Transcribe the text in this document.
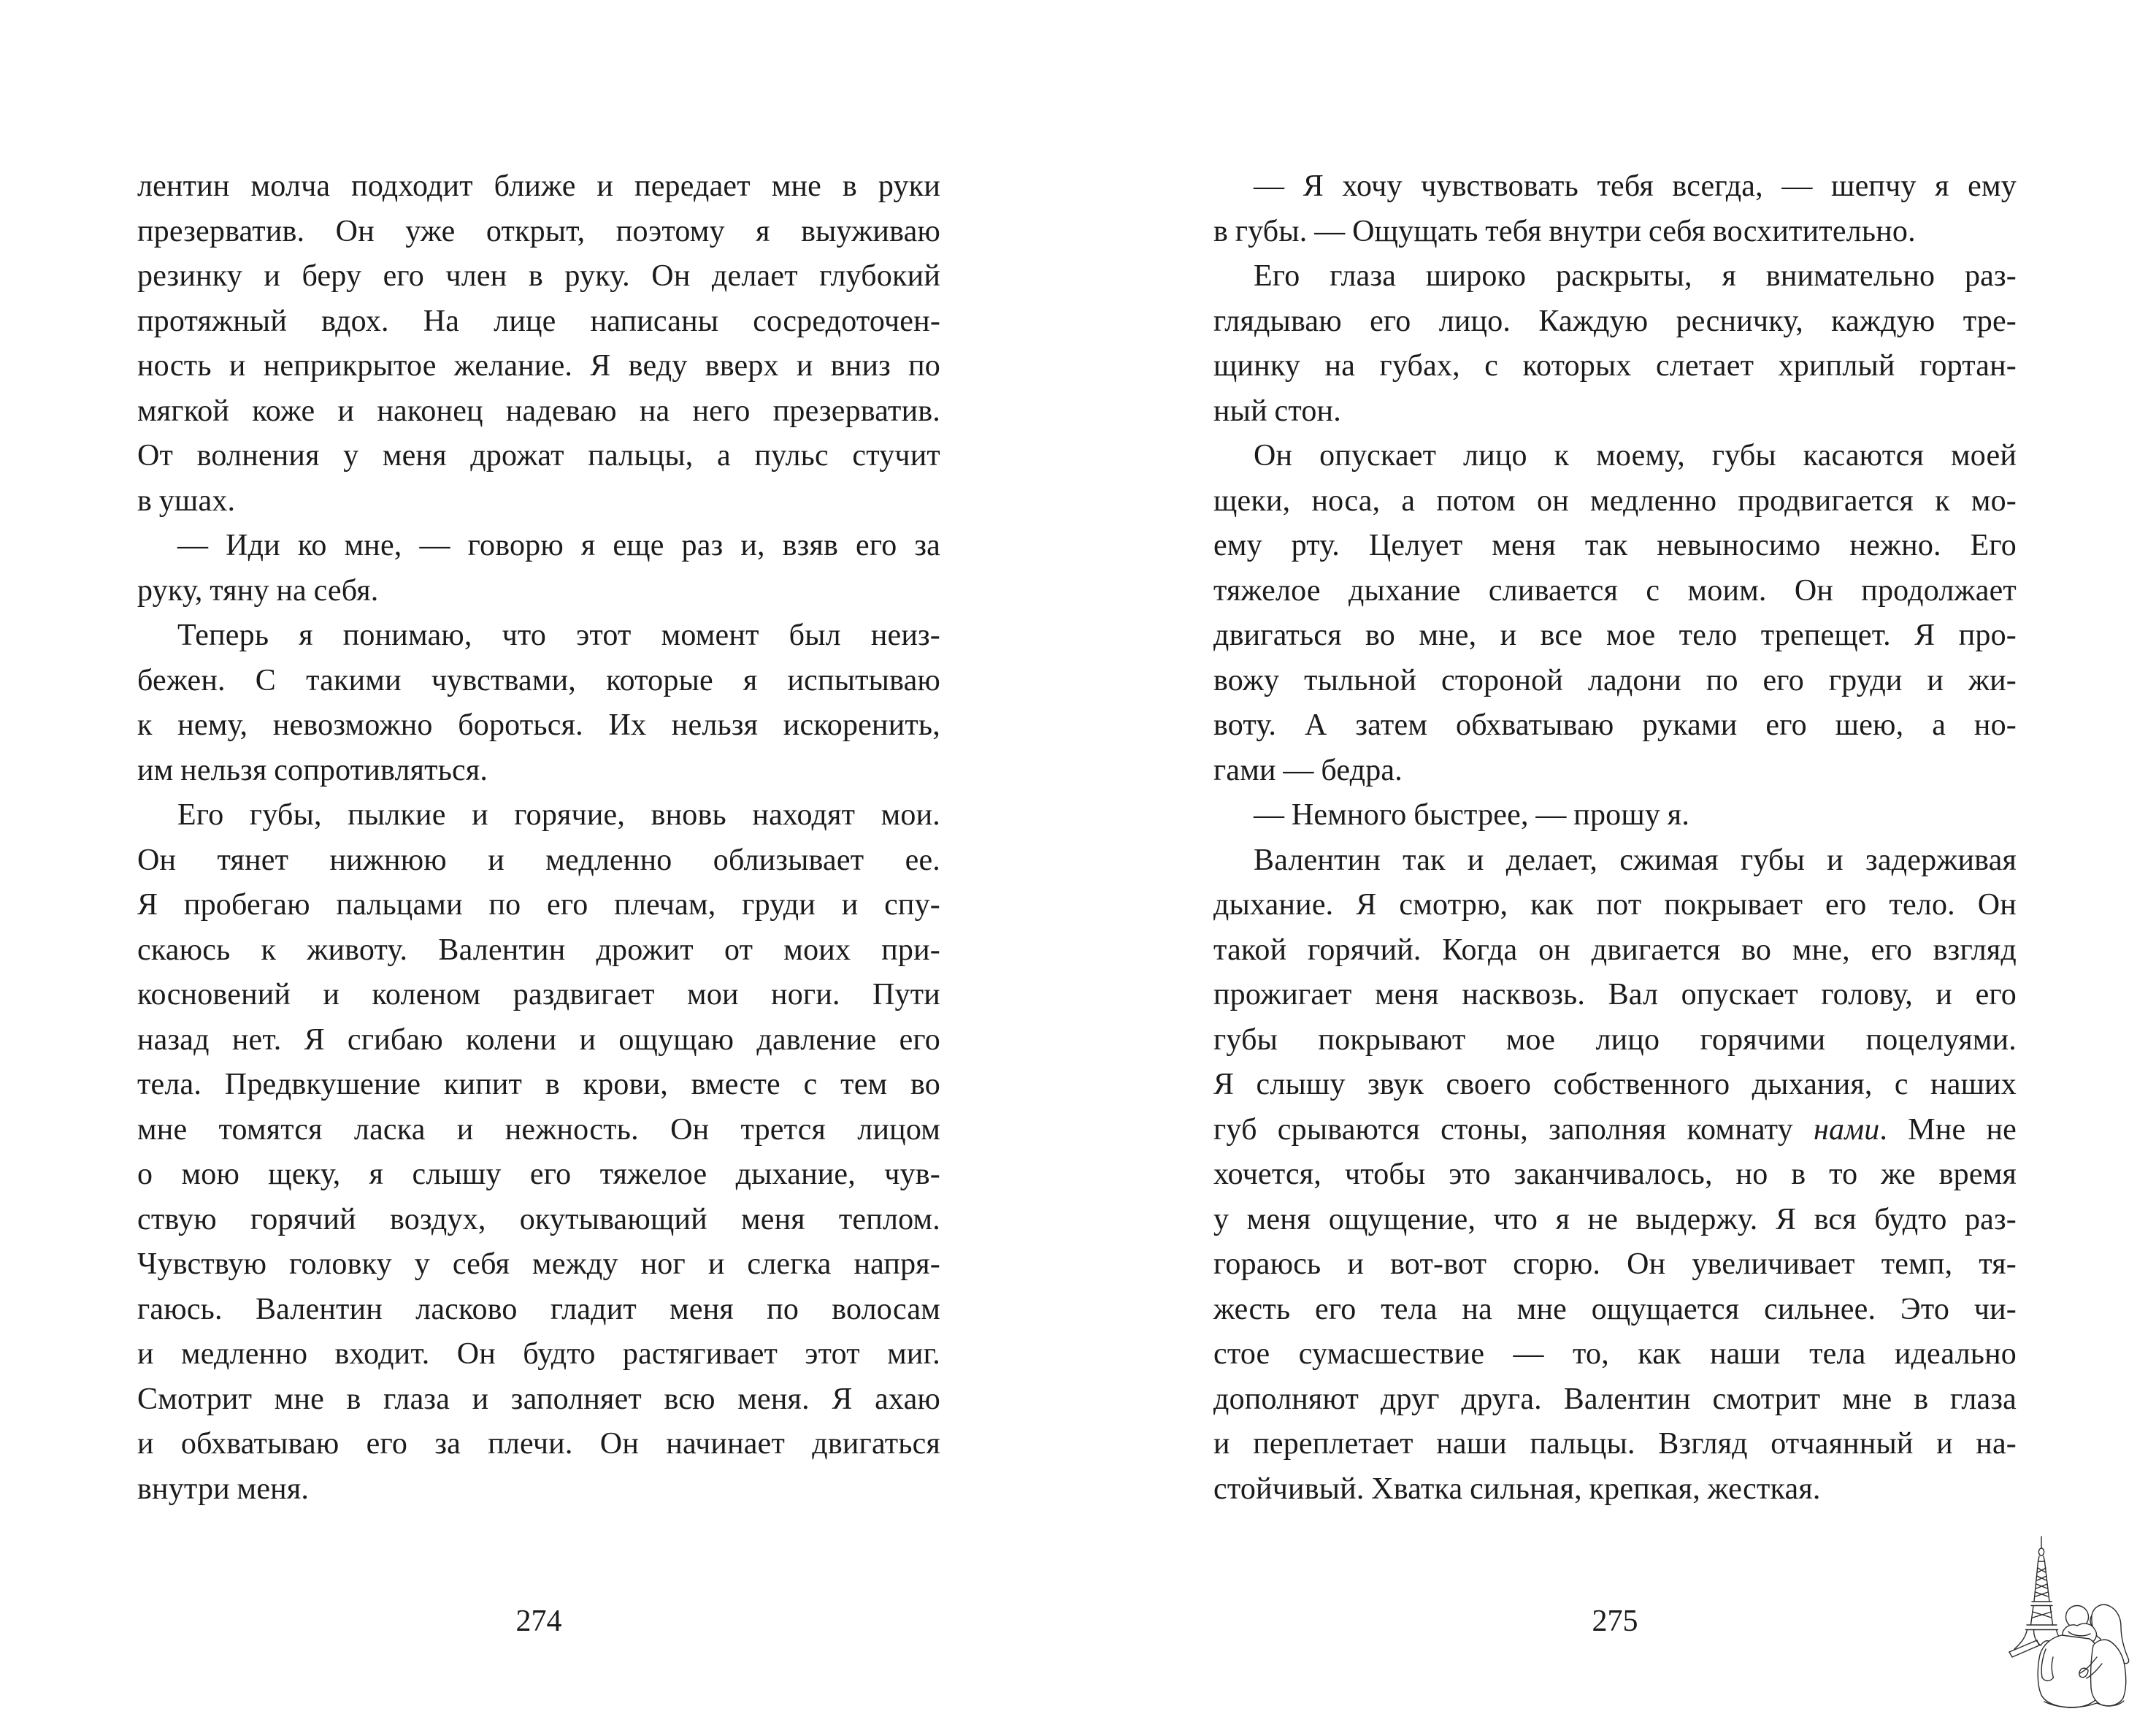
лентин молча подходит ближе и передает мне в руки
презерватив. Он уже открыт, поэтому я выуживаю
резинку и беру его член в руку. Он делает глубокий
протяжный вдох. На лице написаны сосредоточен-
ность и неприкрытое желание. Я веду вверх и вниз по
мягкой коже и наконец надеваю на него презерватив.
От волнения у меня дрожат пальцы, а пульс стучит
в ушах.
— Иди ко мне, — говорю я еще раз и, взяв его за
руку, тяну на себя.
Теперь я понимаю, что этот момент был неиз-
бежен. С такими чувствами, которые я испытываю
к нему, невозможно бороться. Их нельзя искоренить,
им нельзя сопротивляться.
Его губы, пылкие и горячие, вновь находят мои.
Он тянет нижнюю и медленно облизывает ее.
Я пробегаю пальцами по его плечам, груди и спу-
скаюсь к животу. Валентин дрожит от моих при-
косновений и коленом раздвигает мои ноги. Пути
назад нет. Я сгибаю колени и ощущаю давление его
тела. Предвкушение кипит в крови, вместе с тем во
мне томятся ласка и нежность. Он трется лицом
о мою щеку, я слышу его тяжелое дыхание, чув-
ствую горячий воздух, окутывающий меня теплом.
Чувствую головку у себя между ног и слегка напря-
гаюсь. Валентин ласково гладит меня по волосам
и медленно входит. Он будто растягивает этот миг.
Смотрит мне в глаза и заполняет всю меня. Я ахаю
и обхватываю его за плечи. Он начинает двигаться
внутри меня.
— Я хочу чувствовать тебя всегда, — шепчу я ему
в губы. — Ощущать тебя внутри себя восхитительно.
Его глаза широко раскрыты, я внимательно раз-
глядываю его лицо. Каждую ресничку, каждую тре-
щинку на губах, с которых слетает хриплый гортан-
ный стон.
Он опускает лицо к моему, губы касаются моей
щеки, носа, а потом он медленно продвигается к мо-
ему рту. Целует меня так невыносимо нежно. Его
тяжелое дыхание сливается с моим. Он продолжает
двигаться во мне, и все мое тело трепещет. Я про-
вожу тыльной стороной ладони по его груди и жи-
воту. А затем обхватываю руками его шею, а но-
гами — бедра.
— Немного быстрее, — прошу я.
Валентин так и делает, сжимая губы и задерживая
дыхание. Я смотрю, как пот покрывает его тело. Он
такой горячий. Когда он двигается во мне, его взгляд
прожигает меня насквозь. Вал опускает голову, и его
губы покрывают мое лицо горячими поцелуями.
Я слышу звук своего собственного дыхания, с наших
губ срываются стоны, заполняя комнату нами. Мне не
хочется, чтобы это заканчивалось, но в то же время
у меня ощущение, что я не выдержу. Я вся будто раз-
гораюсь и вот-вот сгорю. Он увеличивает темп, тя-
жесть его тела на мне ощущается сильнее. Это чи-
стое сумасшествие — то, как наши тела идеально
дополняют друг друга. Валентин смотрит мне в глаза
и переплетает наши пальцы. Взгляд отчаянный и на-
стойчивый. Хватка сильная, крепкая, жесткая.
274	275
